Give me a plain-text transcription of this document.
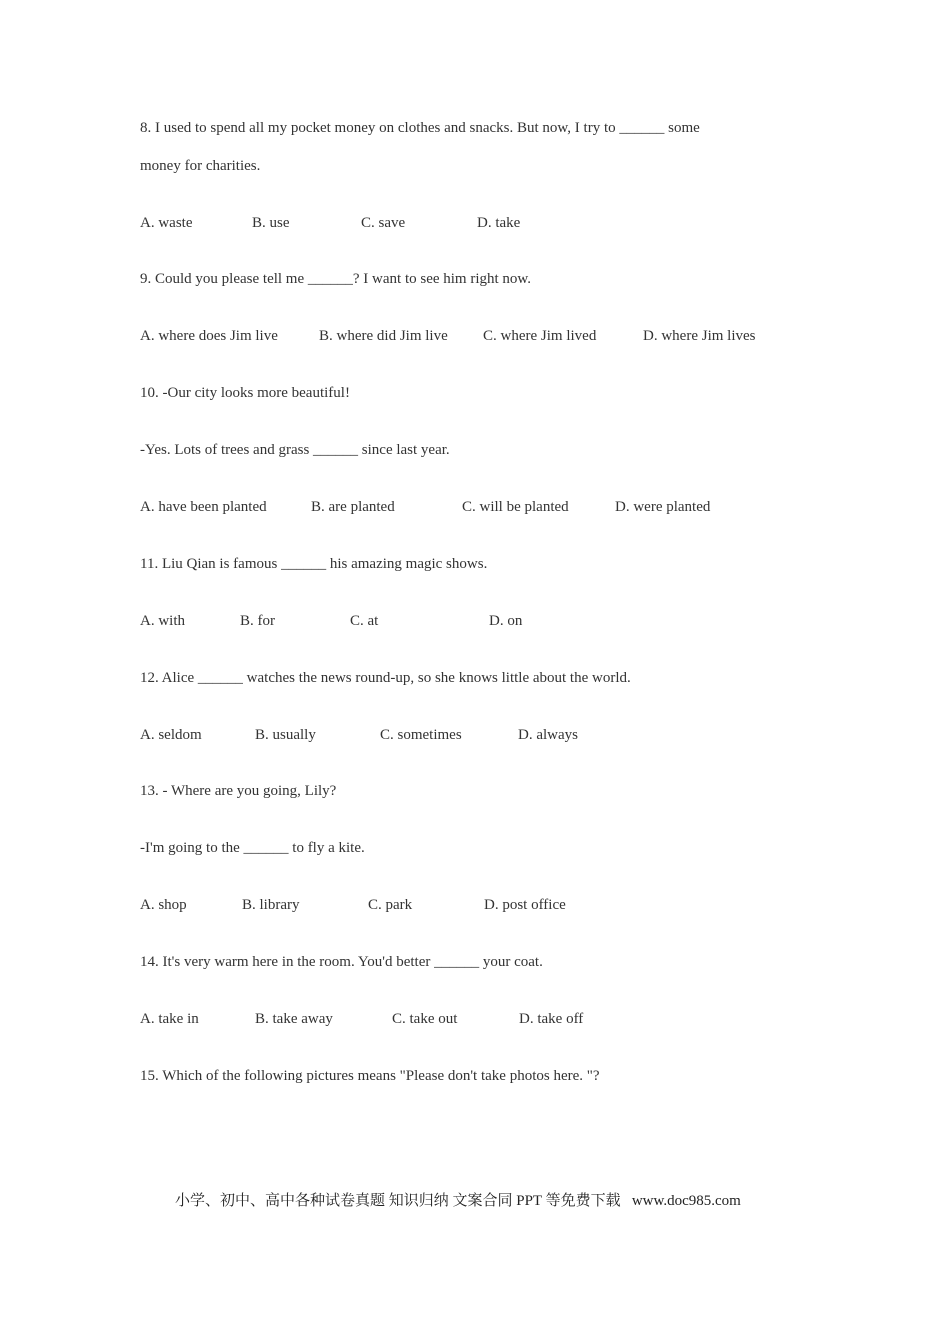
8. I used to spend all my pocket money on clothes and snacks. But now, I try to ______ some
money for charities.
A. waste	B. use	C. save	D. take
9. Could you please tell me ______? I want to see him right now.
A. where does Jim live	B. where did Jim live C. where Jim lived	D. where Jim lives
10. -Our city looks more beautiful!
-Yes. Lots of trees and grass ______ since last year.
A. have been planted	B. are planted	C. will be planted	D. were planted
11. Liu Qian is famous ______ his amazing magic shows.
A. with	B. for	C. at	D. on
12. Alice ______ watches the news round-up, so she knows little about the world.
A. seldom	B. usually	C. sometimes	D. always
13. - Where are you going, Lily?
-I'm going to the ______ to fly a kite.
A. shop	B. library	C. park	D. post office
14. It's very warm here in the room. You'd better ______ your coat.
A. take in	B. take away	C. take out	D. take off
15. Which of the following pictures means "Please don't take photos here. "?
小学、初中、高中各种试卷真题 知识归纳 文案合同 PPT 等免费下载   www.doc985.com
